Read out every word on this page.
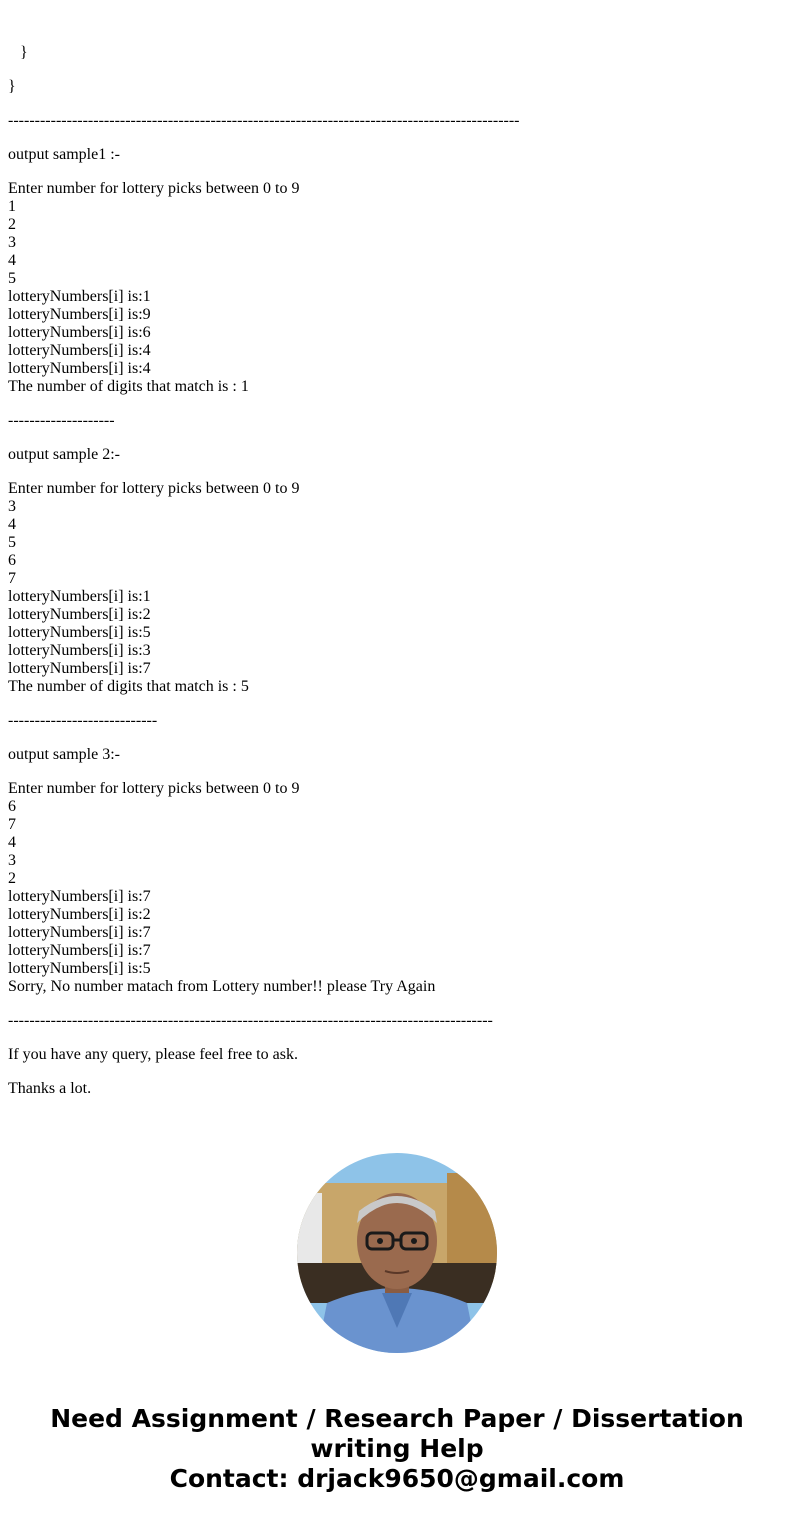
}
}
------------------------------------------------------------------------------------------------
output sample1 :-
Enter number for lottery picks between 0 to 9
1
2
3
4
5
lotteryNumbers[i] is:1
lotteryNumbers[i] is:9
lotteryNumbers[i] is:6
lotteryNumbers[i] is:4
lotteryNumbers[i] is:4
The number of digits that match is : 1
--------------------
output sample 2:-
Enter number for lottery picks between 0 to 9
3
4
5
6
7
lotteryNumbers[i] is:1
lotteryNumbers[i] is:2
lotteryNumbers[i] is:5
lotteryNumbers[i] is:3
lotteryNumbers[i] is:7
The number of digits that match is : 5
----------------------------
output sample 3:-
Enter number for lottery picks between 0 to 9
6
7
4
3
2
lotteryNumbers[i] is:7
lotteryNumbers[i] is:2
lotteryNumbers[i] is:7
lotteryNumbers[i] is:7
lotteryNumbers[i] is:5
Sorry, No number matach from Lottery number!! please Try Again
-------------------------------------------------------------------------------------------
If you have any query, please feel free to ask.
Thanks a lot.
Need Assignment / Research Paper / Dissertation
writing Help
Contact: drjack9650@gmail.com
